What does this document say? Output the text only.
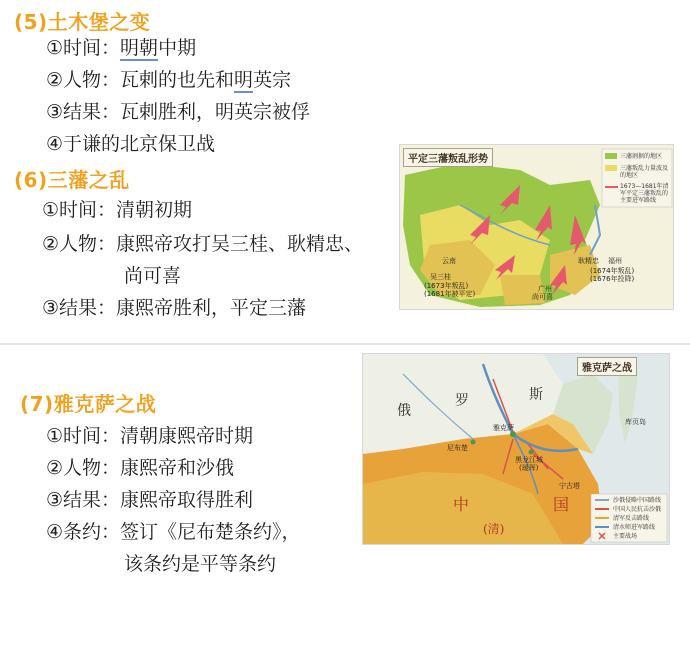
(5)土木堡之变
①时间：明朝中期
②人物：瓦剌的也先和明英宗
③结果：瓦剌胜利，明英宗被俘
④于谦的北京保卫战
(6)三藩之乱
①时间：清朝初期
②人物：康熙帝攻打吴三桂、耿精忠、
尚可喜
③结果：康熙帝胜利，平定三藩
平定三藩叛乱形势	三藩割据的地区
三藩叛乱力量波及的地区
1673—1681年清军平定三藩叛乱的主要进军路线
云南
吴三桂
(1673年叛乱)
(1681年被平定)
耿精忠 福州
(1674年叛乱)
(1676年投降)
尚可喜
广州
(7)雅克萨之战
①时间：清朝康熙帝时期
②人物：康熙帝和沙俄
③结果：康熙帝取得胜利
④条约：签订《尼布楚条约》，
该条约是平等条约
雅克萨之战
俄
罗	斯
中	国
(清)
雅克萨
尼布楚
黑龙江城
(瑷珲)
宁古塔
库页岛
沙俄侵略中国路线
中国人民抗击沙俄
清军反击路线
清水师进军路线
主要战场
